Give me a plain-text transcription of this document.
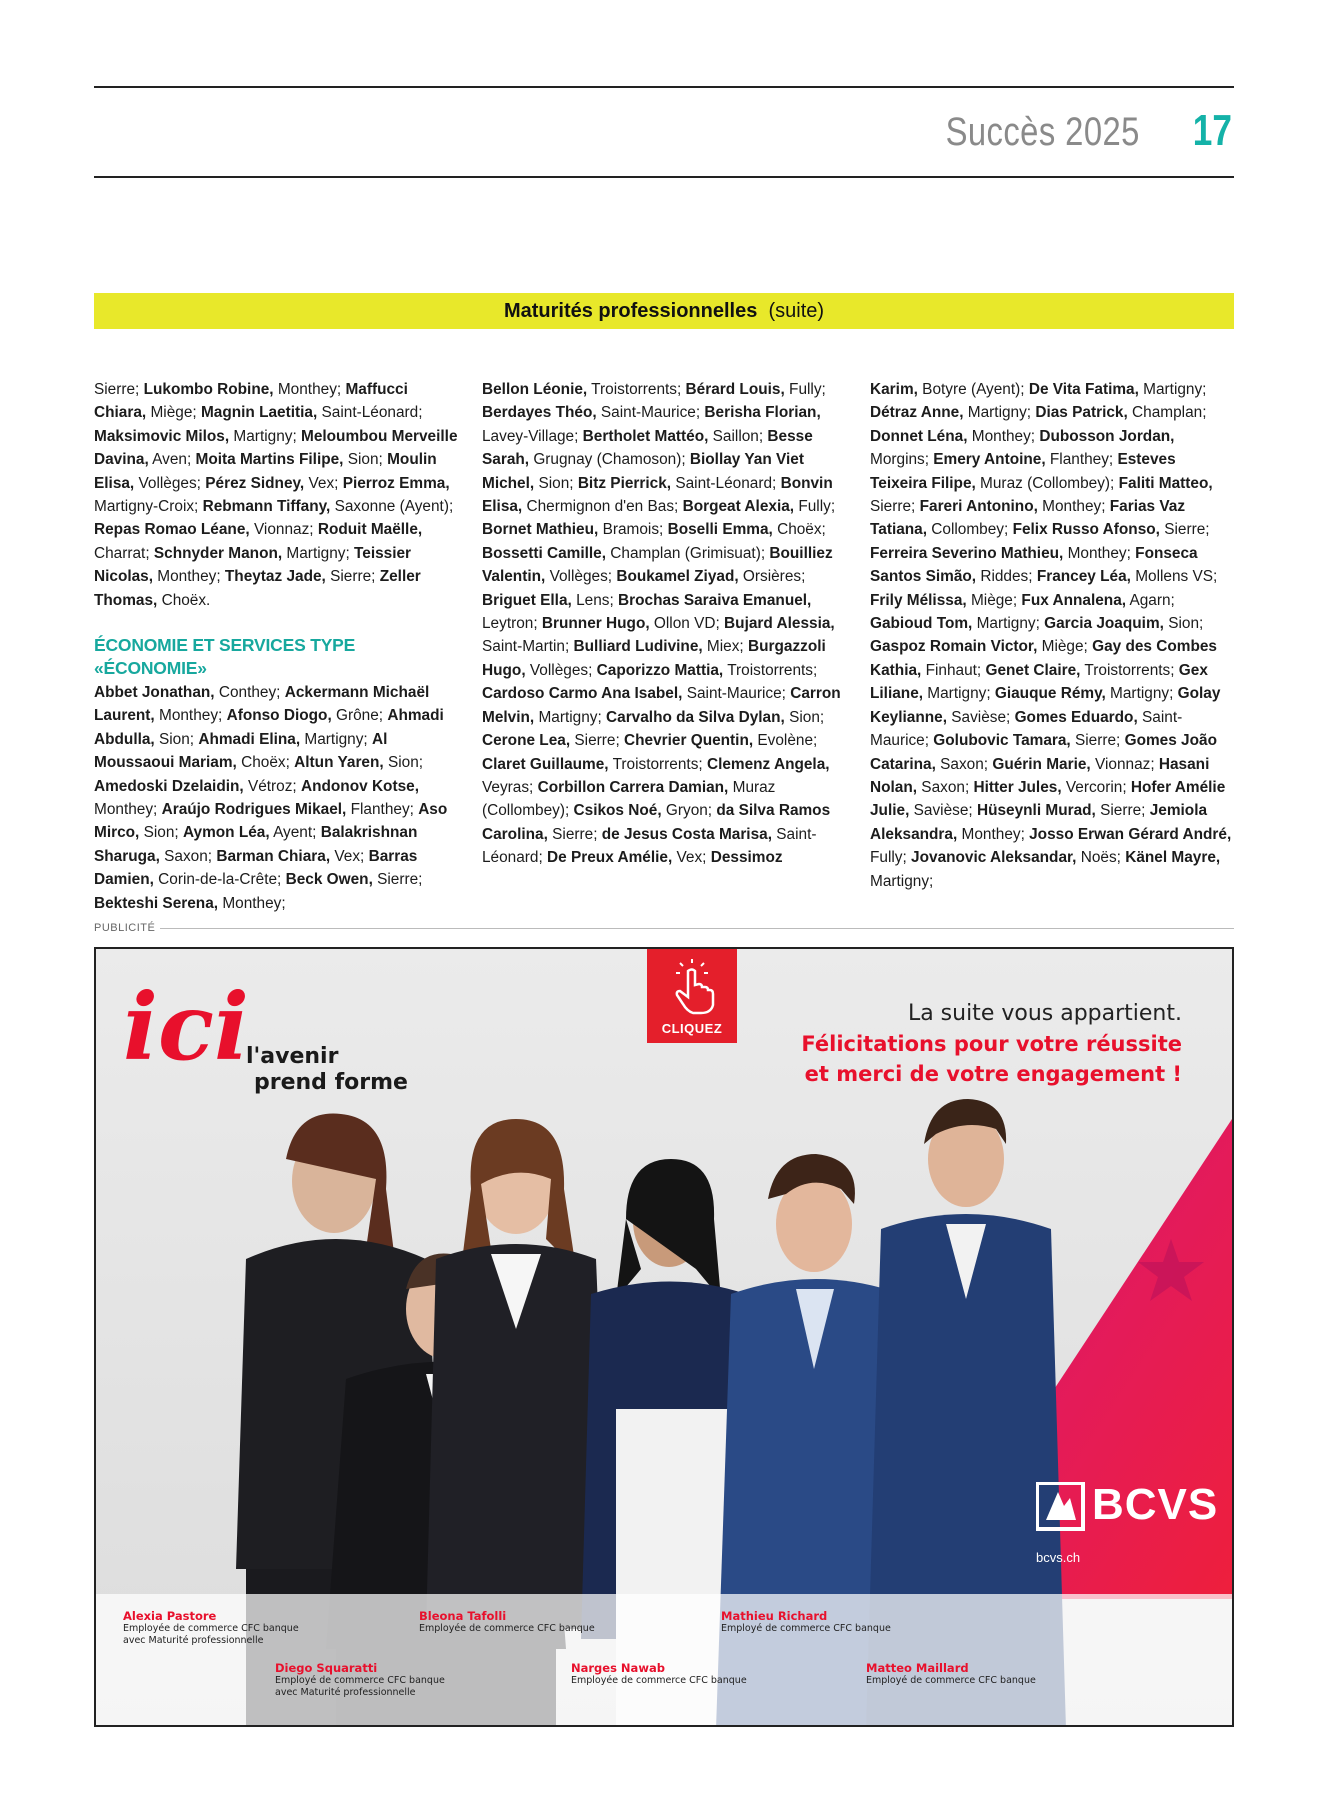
Succès 2025 17
Maturités professionnelles (suite)
Sierre; Lukombo Robine, Monthey; Maffucci Chiara, Miège; Magnin Laetitia, Saint-Léonard; Maksimovic Milos, Martigny; Meloumbou Merveille Davina, Aven; Moita Martins Filipe, Sion; Moulin Elisa, Vollèges; Pérez Sidney, Vex; Pierroz Emma, Martigny-Croix; Rebmann Tiffany, Saxonne (Ayent); Repas Romao Léane, Vionnaz; Roduit Maëlle, Charrat; Schnyder Manon, Martigny; Teissier Nicolas, Monthey; Theytaz Jade, Sierre; Zeller Thomas, Choëx.
ÉCONOMIE ET SERVICES TYPE «ÉCONOMIE»
Abbet Jonathan, Conthey; Ackermann Michaël Laurent, Monthey; Afonso Diogo, Grône; Ahmadi Abdulla, Sion; Ahmadi Elina, Martigny; Al Moussaoui Mariam, Choëx; Altun Yaren, Sion; Amedoski Dzelaidin, Vétroz; Andonov Kotse, Monthey; Araújo Rodrigues Mikael, Flanthey; Aso Mirco, Sion; Aymon Léa, Ayent; Balakrishnan Sharuga, Saxon; Barman Chiara, Vex; Barras Damien, Corin-de-la-Crête; Beck Owen, Sierre; Bekteshi Serena, Monthey;
Bellon Léonie, Troistorrents; Bérard Louis, Fully; Berdayes Théo, Saint-Maurice; Berisha Florian, Lavey-Village; Bertholet Mattéo, Saillon; Besse Sarah, Grugnay (Chamoson); Biollay Yan Viet Michel, Sion; Bitz Pierrick, Saint-Léonard; Bonvin Elisa, Chermignon d'en Bas; Borgeat Alexia, Fully; Bornet Mathieu, Bramois; Boselli Emma, Choëx; Bossetti Camille, Champlan (Grimisuat); Bouilliez Valentin, Vollèges; Boukamel Ziyad, Orsières; Briguet Ella, Lens; Brochas Saraiva Emanuel, Leytron; Brunner Hugo, Ollon VD; Bujard Alessia, Saint-Martin; Bulliard Ludivine, Miex; Burgazzoli Hugo, Vollèges; Caporizzo Mattia, Troistorrents; Cardoso Carmo Ana Isabel, Saint-Maurice; Carron Melvin, Martigny; Carvalho da Silva Dylan, Sion; Cerone Lea, Sierre; Chevrier Quentin, Evolène; Claret Guillaume, Troistorrents; Clemenz Angela, Veyras; Corbillon Carrera Damian, Muraz (Collombey); Csikos Noé, Gryon; da Silva Ramos Carolina, Sierre; de Jesus Costa Marisa, Saint-Léonard; De Preux Amélie, Vex; Dessimoz
Karim, Botyre (Ayent); De Vita Fatima, Martigny; Détraz Anne, Martigny; Dias Patrick, Champlan; Donnet Léna, Monthey; Dubosson Jordan, Morgins; Emery Antoine, Flanthey; Esteves Teixeira Filipe, Muraz (Collombey); Faliti Matteo, Sierre; Fareri Antonino, Monthey; Farias Vaz Tatiana, Collombey; Felix Russo Afonso, Sierre; Ferreira Severino Mathieu, Monthey; Fonseca Santos Simão, Riddes; Francey Léa, Mollens VS; Frily Mélissa, Miège; Fux Annalena, Agarn; Gabioud Tom, Martigny; Garcia Joaquim, Sion; Gaspoz Romain Victor, Miège; Gay des Combes Kathia, Finhaut; Genet Claire, Troistorrents; Gex Liliane, Martigny; Giauque Rémy, Martigny; Golay Keylianne, Savièse; Gomes Eduardo, Saint-Maurice; Golubovic Tamara, Sierre; Gomes João Catarina, Saxon; Guérin Marie, Vionnaz; Hasani Nolan, Saxon; Hitter Jules, Vercorin; Hofer Amélie Julie, Savièse; Hüseynli Murad, Sierre; Jemiola Aleksandra, Monthey; Josso Erwan Gérard André, Fully; Jovanovic Aleksandar, Noës; Känel Mayre, Martigny;
PUBLICITÉ
ici
l'avenir
prend forme
CLIQUEZ
La suite vous appartient.
Félicitations pour votre réussite
et merci de votre engagement !
BCVS
bcvs.ch
Alexia Pastore
Employée de commerce CFC banque
avec Maturité professionnelle
Diego Squaratti
Employé de commerce CFC banque
avec Maturité professionnelle
Bleona Tafolli
Employée de commerce CFC banque
Narges Nawab
Employée de commerce CFC banque
Mathieu Richard
Employé de commerce CFC banque
Matteo Maillard
Employé de commerce CFC banque
